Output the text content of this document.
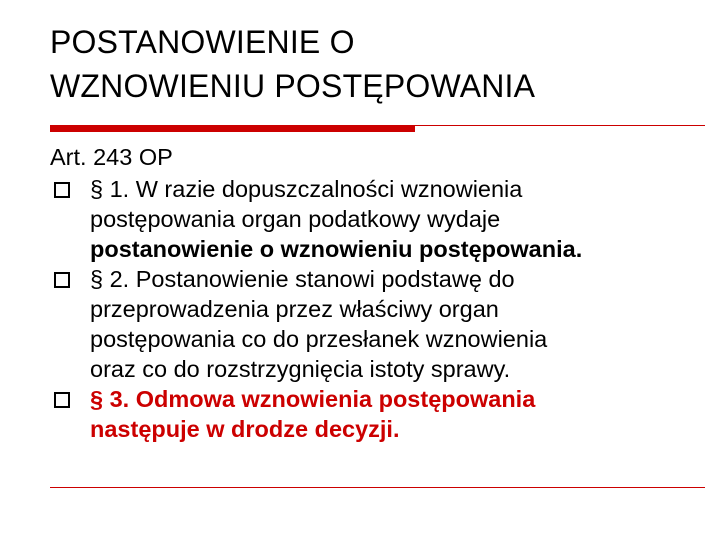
POSTANOWIENIE O
WZNOWIENIU POSTĘPOWANIA

Art. 243 OP

§ 1. W razie dopuszczalności wznowienia
postępowania organ podatkowy wydaje
postanowienie o wznowieniu postępowania.
§ 2. Postanowienie stanowi podstawę do
przeprowadzenia przez właściwy organ
postępowania co do przesłanek wznowienia
oraz co do rozstrzygnięcia istoty sprawy.
§ 3. Odmowa wznowienia postępowania
następuje w drodze decyzji.
